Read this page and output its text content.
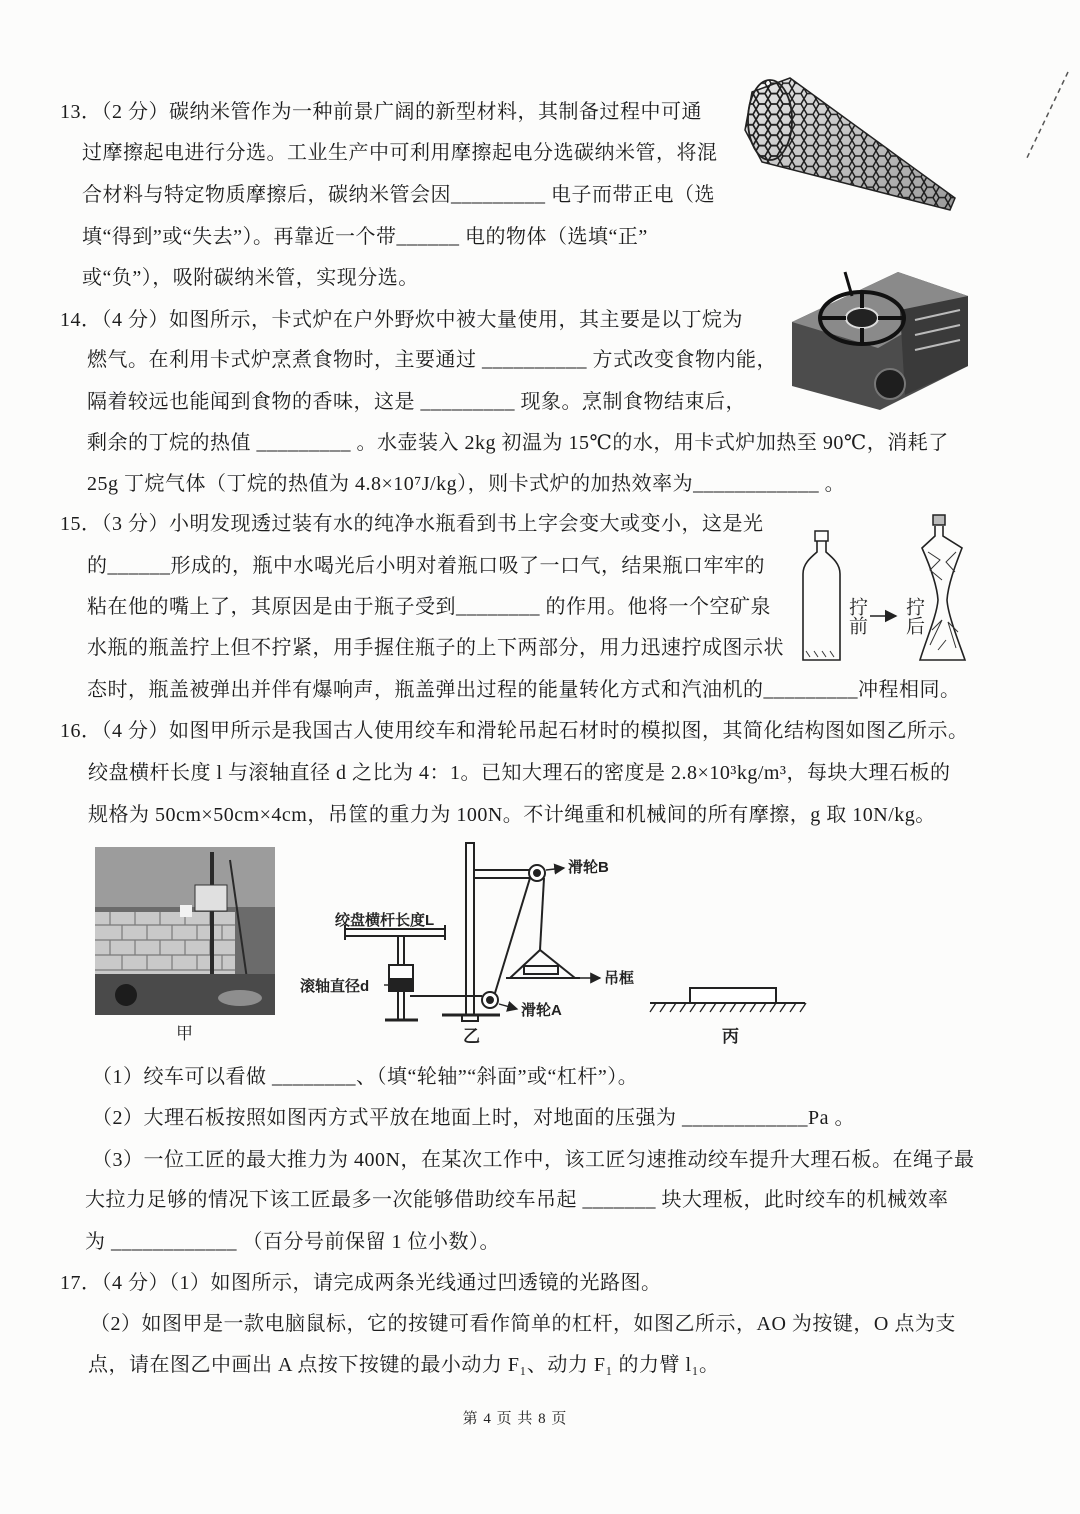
13．（2 分）碳纳米管作为一种前景广阔的新型材料，其制备过程中可通
过摩擦起电进行分选。工业生产中可利用摩擦起电分选碳纳米管，将混
合材料与特定物质摩擦后，碳纳米管会因_________ 电子而带正电（选
填“得到”或“失去”）。再靠近一个带______ 电的物体（选填“正”
或“负”），吸附碳纳米管，实现分选。
14．（4 分）如图所示，卡式炉在户外野炊中被大量使用，其主要是以丁烷为
燃气。在利用卡式炉烹煮食物时，主要通过 __________ 方式改变食物内能，
隔着较远也能闻到食物的香味，这是 _________ 现象。烹制食物结束后，
剩余的丁烷的热值 _________ 。水壶装入 2kg 初温为 15℃的水，用卡式炉加热至 90℃，消耗了
25g 丁烷气体（丁烷的热值为 4.8×10⁷J/kg），则卡式炉的加热效率为____________ 。
15．（3 分）小明发现透过装有水的纯净水瓶看到书上字会变大或变小，这是光
的______形成的，瓶中水喝光后小明对着瓶口吸了一口气，结果瓶口牢牢的
粘在他的嘴上了，其原因是由于瓶子受到________ 的作用。他将一个空矿泉
水瓶的瓶盖拧上但不拧紧，用手握住瓶子的上下两部分，用力迅速拧成图示状
态时，瓶盖被弹出并伴有爆响声，瓶盖弹出过程的能量转化方式和汽油机的_________冲程相同。
拧前 拧后
16．（4 分）如图甲所示是我国古人使用绞车和滑轮吊起石材时的模拟图，其简化结构图如图乙所示。
绞盘横杆长度 l 与滚轴直径 d 之比为 4：1。已知大理石的密度是 2.8×10³kg/m³，每块大理石板的
规格为 50cm×50cm×4cm，吊筐的重力为 100N。不计绳重和机械间的所有摩擦，g 取 10N/kg。
甲
绞盘横杆长度L
滚轴直径d
滑轮B
吊框
滑轮A
乙	丙
（1）绞车可以看做 ________、（填“轮轴”“斜面”或“杠杆”）。
（2）大理石板按照如图丙方式平放在地面上时，对地面的压强为 ____________Pa 。
（3）一位工匠的最大推力为 400N，在某次工作中，该工匠匀速推动绞车提升大理石板。在绳子最
大拉力足够的情况下该工匠最多一次能够借助绞车吊起 _______ 块大理板，此时绞车的机械效率
为 ____________ （百分号前保留 1 位小数）。
17．（4 分）（1）如图所示，请完成两条光线通过凹透镜的光路图。
（2）如图甲是一款电脑鼠标，它的按键可看作简单的杠杆，如图乙所示，AO 为按键，O 点为支
点，请在图乙中画出 A 点按下按键的最小动力 F₁、动力 F₁ 的力臂 l₁。
第 4 页 共 8 页
